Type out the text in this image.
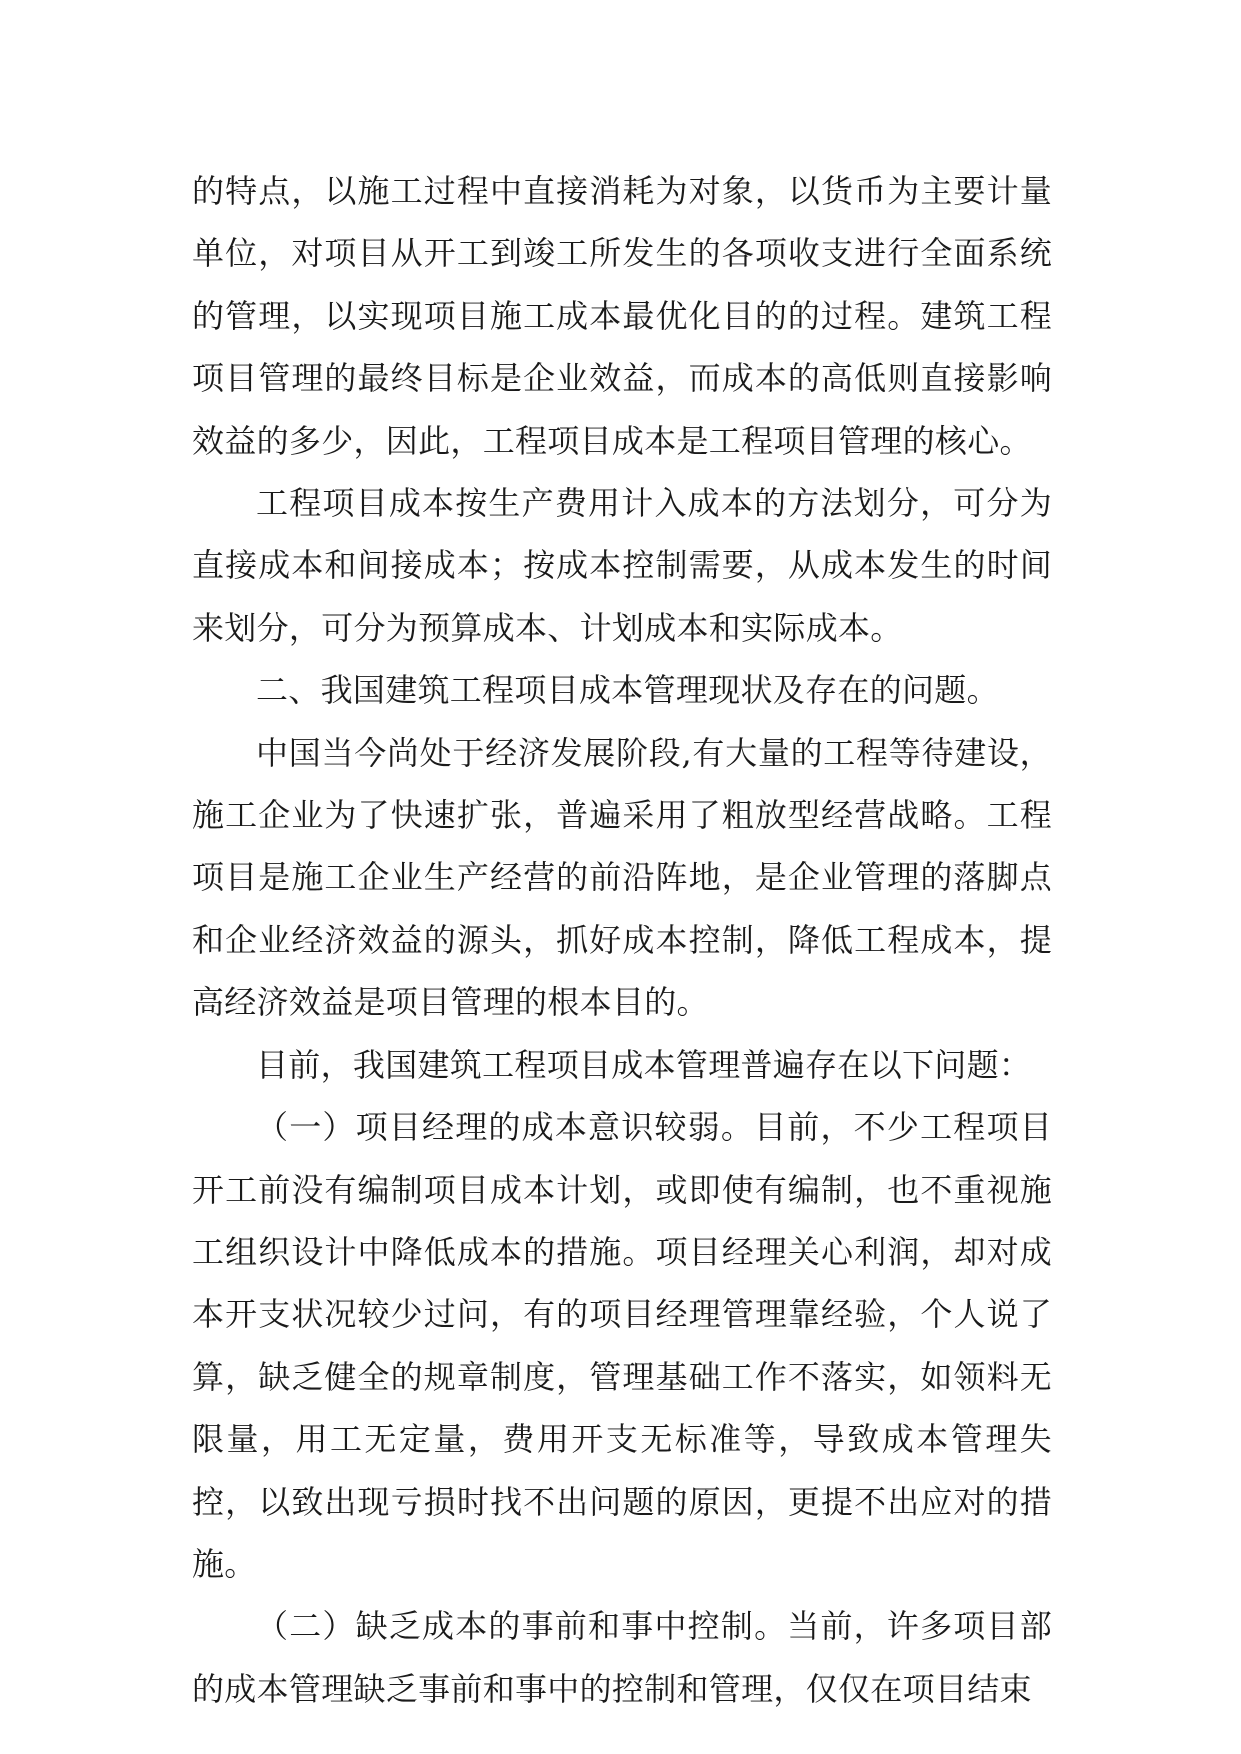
的特点，以施工过程中直接消耗为对象，以货币为主要计量单位，对项目从开工到竣工所发生的各项收支进行全面系统的管理，以实现项目施工成本最优化目的的过程。建筑工程项目管理的最终目标是企业效益，而成本的高低则直接影响效益的多少，因此，工程项目成本是工程项目管理的核心。

工程项目成本按生产费用计入成本的方法划分，可分为直接成本和间接成本；按成本控制需要，从成本发生的时间来划分，可分为预算成本、计划成本和实际成本。

二、我国建筑工程项目成本管理现状及存在的问题。

中国当今尚处于经济发展阶段,有大量的工程等待建设，施工企业为了快速扩张，普遍采用了粗放型经营战略。工程项目是施工企业生产经营的前沿阵地，是企业管理的落脚点和企业经济效益的源头，抓好成本控制，降低工程成本，提高经济效益是项目管理的根本目的。

目前，我国建筑工程项目成本管理普遍存在以下问题：

（一）项目经理的成本意识较弱。目前，不少工程项目开工前没有编制项目成本计划，或即使有编制，也不重视施工组织设计中降低成本的措施。项目经理关心利润，却对成本开支状况较少过问，有的项目经理管理靠经验，个人说了算，缺乏健全的规章制度，管理基础工作不落实，如领料无限量，用工无定量，费用开支无标准等，导致成本管理失控，以致出现亏损时找不出问题的原因，更提不出应对的措施。

（二）缺乏成本的事前和事中控制。当前，许多项目部的成本管理缺乏事前和事中的控制和管理，仅仅在项目结束
